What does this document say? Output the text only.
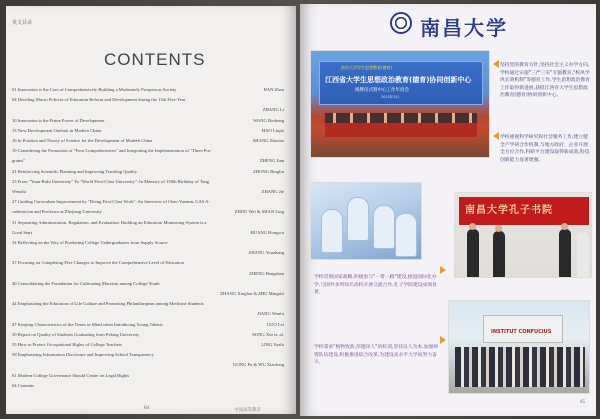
英文目录
CONTENTS
01 Innovation is the Core of Comprehensively Building a Moderately Prosperous Society	HAN Zhen
04 Deciding Macro Policies of Education Reform and Development during the 13th Five-Year
ZHANG Li
10 Innovation is the Prime Power of Development	WANG Bosheng
13 New Development Outlook in Modern China	HAO Linjie
16 In Position and Theory of Science for the Development of Modern China	SHANG Zhixiao
19 Considering the Promotion of "Four Comprehensives" and Integrating the Implementation of "Three Pro-
grams"	ZHENG Jian
21 Reinforcing Scientific Planning and Improving Teaching Quality	ZHONG Binglin
23 From "Yuan-Rulu University" To "World First-Class University": In Memory of 150th Birthday of Tang
Wenzhi	ZHANG Jie
27 Guiding Curriculum Improvement by "Doing First-Class Work": An Interview of Chen Yuemin, CAS A-
cademician and Professor at Zhejiang University	ZHOU Wei & SHAN Ling
31 Separating Administration, Regulation, and Evaluation: Building an Education Monitoring System is a
Good Start	HUANG Hongwu
34 Reflecting on the Way of Producing College Undergraduates from Supply Source
ZHANG Youzhang
37 Focusing on Completing Five Changes to Improve the Comprehensive Level of Education
ZHENG Bangshan
40 Consolidating the Foundation for Cultivating Marxism among College Youth
ZHANG Xinghai & ZHU Mingshi
44 Emphasizing the Education of Life Culture and Promoting Philanthropism among Medicine Students
JIANG Wenfu
47 Keeping Characteristics of the Times in Mind when Introducing Young Talents	GUO Lei
50 Report on Quality of Students Graduating from Peking University	SONG Xin et. al.
55 How to Protect Occupational Rights of College Teachers	LING Yuzhi
58 Emphasizing Information Disclosure and Improving School Transparency
GONG Fu & WU Xiaolong
61 Modern College Governance Should Center on Legal Rights
64 Contents
64	中国高等教育
南昌大学
南昌大学学生思想教育(德育)
江西省大学生思想政治教育(德育)协同创新中心
揭牌仪式暨中心工作年度会
2015年3月
南昌大学孔子书院
INSTITUT CONFUCIUS
坚持党的教育方针,坚持社会主义办学方向,学校通过实施"三严三实"专题教育,"校风学风长效机制"等德育工作,学生思想政治教育工作取得新进展,获批江西省大学生思想政治教育(德育)协同创新中心。
学校重视科学研究和社会服务工作,建立健全产学研合作机制,与地方政府、企业开展全方位合作,科研平台建设取得新成效,科技创新能力显著增强。
学校贯彻国家战略,积极参与"一带一路"建设,推进国际化办学,与国外多所知名高校开展交流合作,孔子学院建设成效显著。
学校秉承"格物致新,厚德泽人"的校训,坚持以人为本,加强师资队伍建设,积极推进综合改革,为建设高水平大学而努力奋斗。
65
